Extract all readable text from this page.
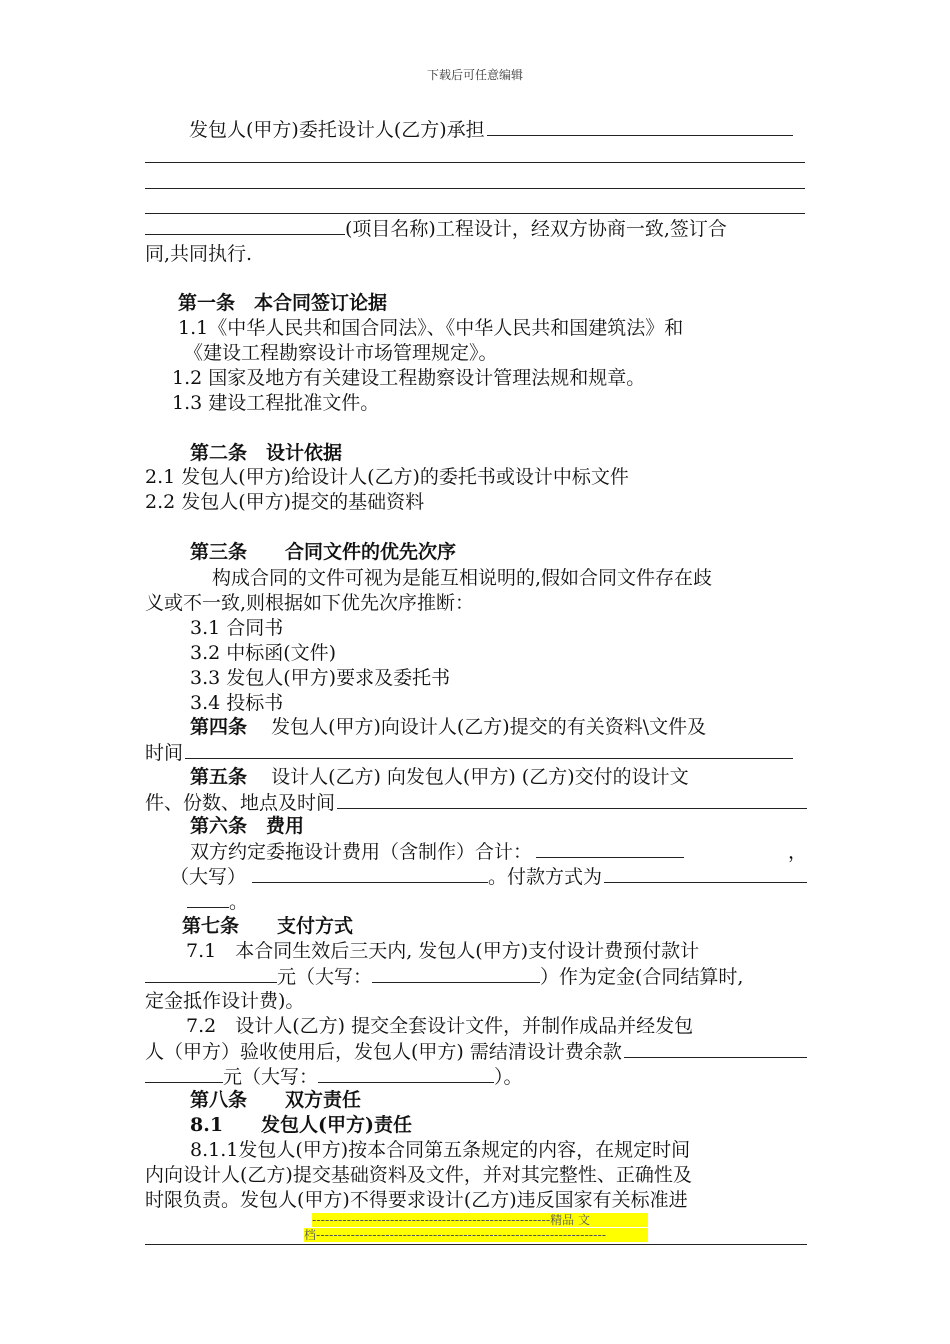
下载后可任意编辑
发包人(甲方)委托设计人(乙方)承担
(项目名称)工程设计，经双方协商一致,签订合
同,共同执行.
第一条　本合同签订论据
1.1《中华人民共和国合同法》、《中华人民共和国建筑法》和
《建设工程勘察设计市场管理规定》。
1.2 国家及地方有关建设工程勘察设计管理法规和规章。
1.3 建设工程批准文件。
第二条　设计依据
2.1 发包人(甲方)给设计人(乙方)的委托书或设计中标文件
2.2 发包人(甲方)提交的基础资料
第三条　　合同文件的优先次序
构成合同的文件可视为是能互相说明的,假如合同文件存在歧
义或不一致,则根据如下优先次序推断：
3.1 合同书
3.2 中标函(文件)
3.3 发包人(甲方)要求及委托书
3.4 投标书
第四条 发包人(甲方)向设计人(乙方)提交的有关资料\文件及
时间
第五条 设计人(乙方) 向发包人(甲方) (乙方)交付的设计文
件、份数、地点及时间
第六条　费用
双方约定委拖设计费用（含制作）合计：	，
（大写）	。付款方式为
。
第七条　　支付方式
7.1　本合同生效后三天内, 发包人(甲方)支付设计费预付款计
元（大写：	）作为定金(合同结算时,
定金抵作设计费)。
7.2　设计人(乙方) 提交全套设计文件，并制作成品并经发包
人（甲方）验收使用后，发包人(甲方) 需结清设计费余款
元（大写：	）。
第八条　　双方责任
8.1　　发包人(甲方)责任
8.1.1发包人(甲方)按本合同第五条规定的内容，在规定时间
内向设计人(乙方)提交基础资料及文件，并对其完整性、正确性及
时限负责。发包人(甲方)不得要求设计(乙方)违反国家有关标准进
-------------------------------------------------------精品 文
档-------------------------------------------------------------------
